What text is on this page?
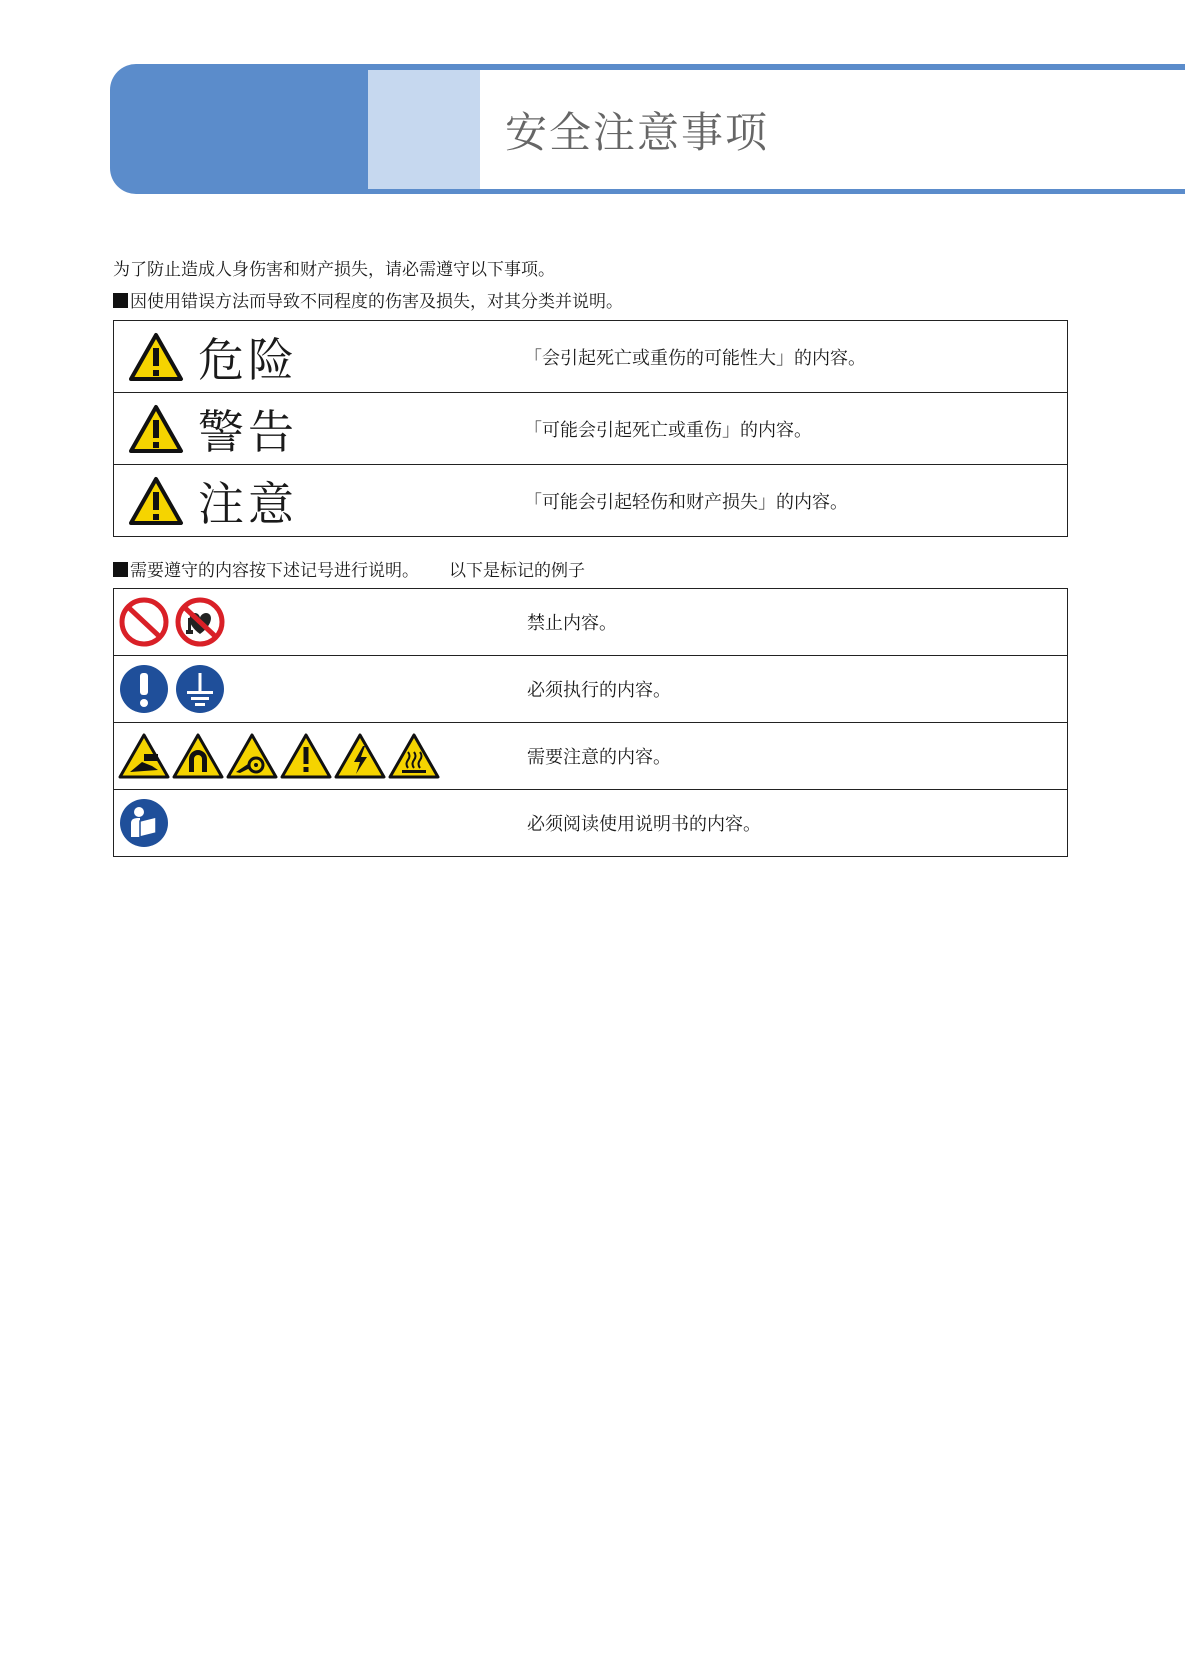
安全注意事项
为了防止造成人身伤害和财产损失，请必需遵守以下事项。
因使用错误方法而导致不同程度的伤害及损失，对其分类并说明。
危险	「会引起死亡或重伤的可能性大」的内容。

警告	「可能会引起死亡或重伤」的内容。

注意	「可能会引起轻伤和财产损失」的内容。
需要遵守的内容按下述记号进行说明。 以下是标记的例子
	禁止内容。

	必须执行的内容。

	需要注意的内容。

	必须阅读使用说明书的内容。
